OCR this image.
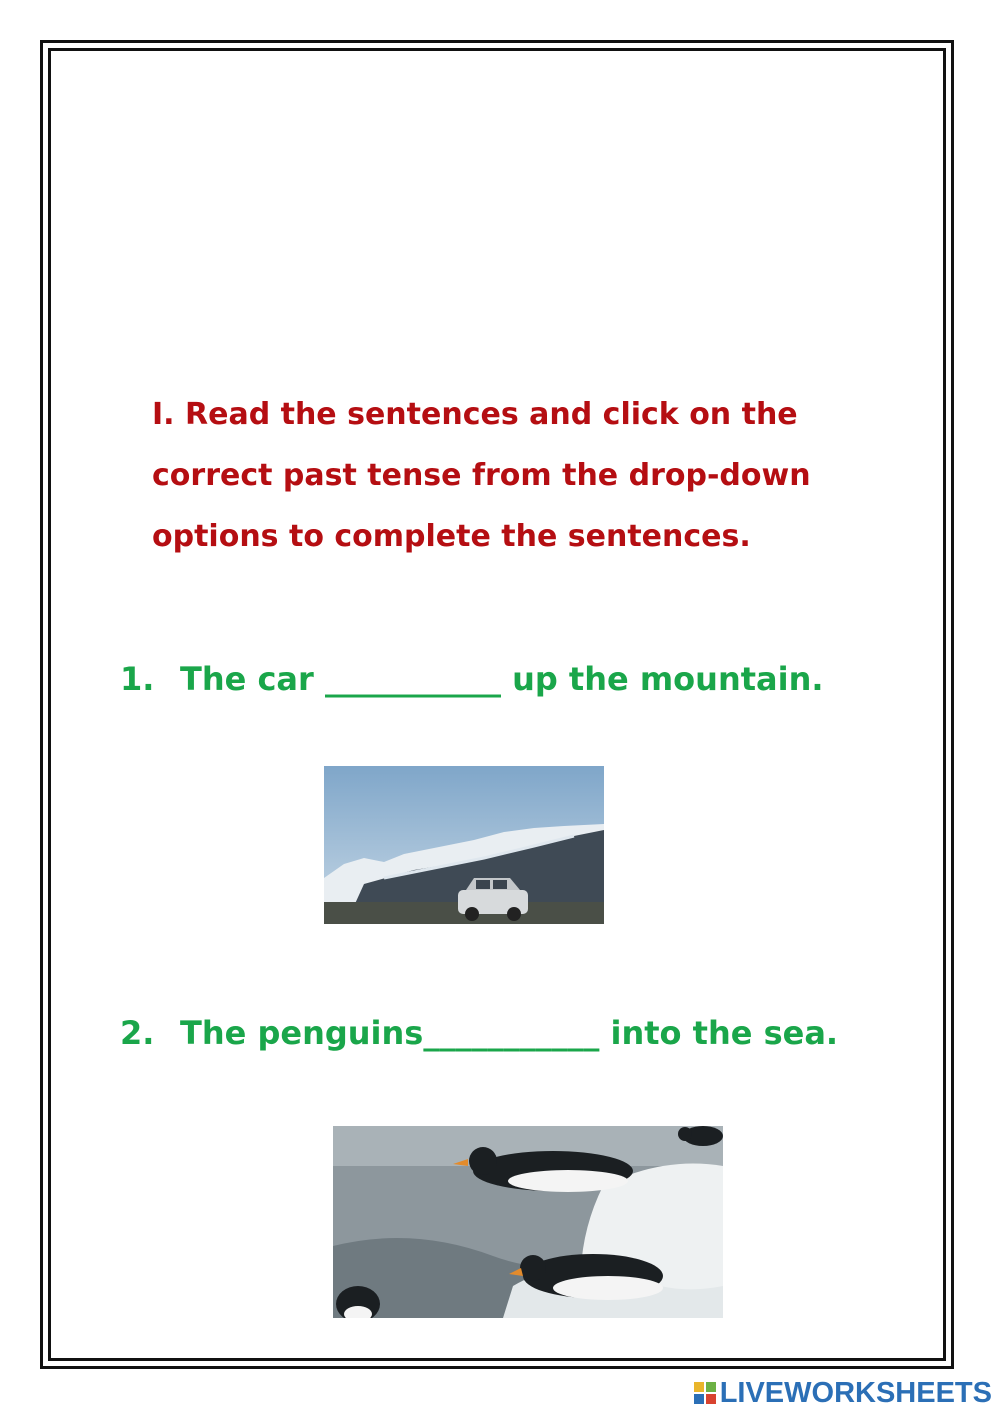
I. Read the sentences and click on the
correct past tense from the drop-down
options to complete the sentences.

1. The car ___________ up the mountain.
2. The penguins___________ into the sea.
LIVEWORKSHEETS
